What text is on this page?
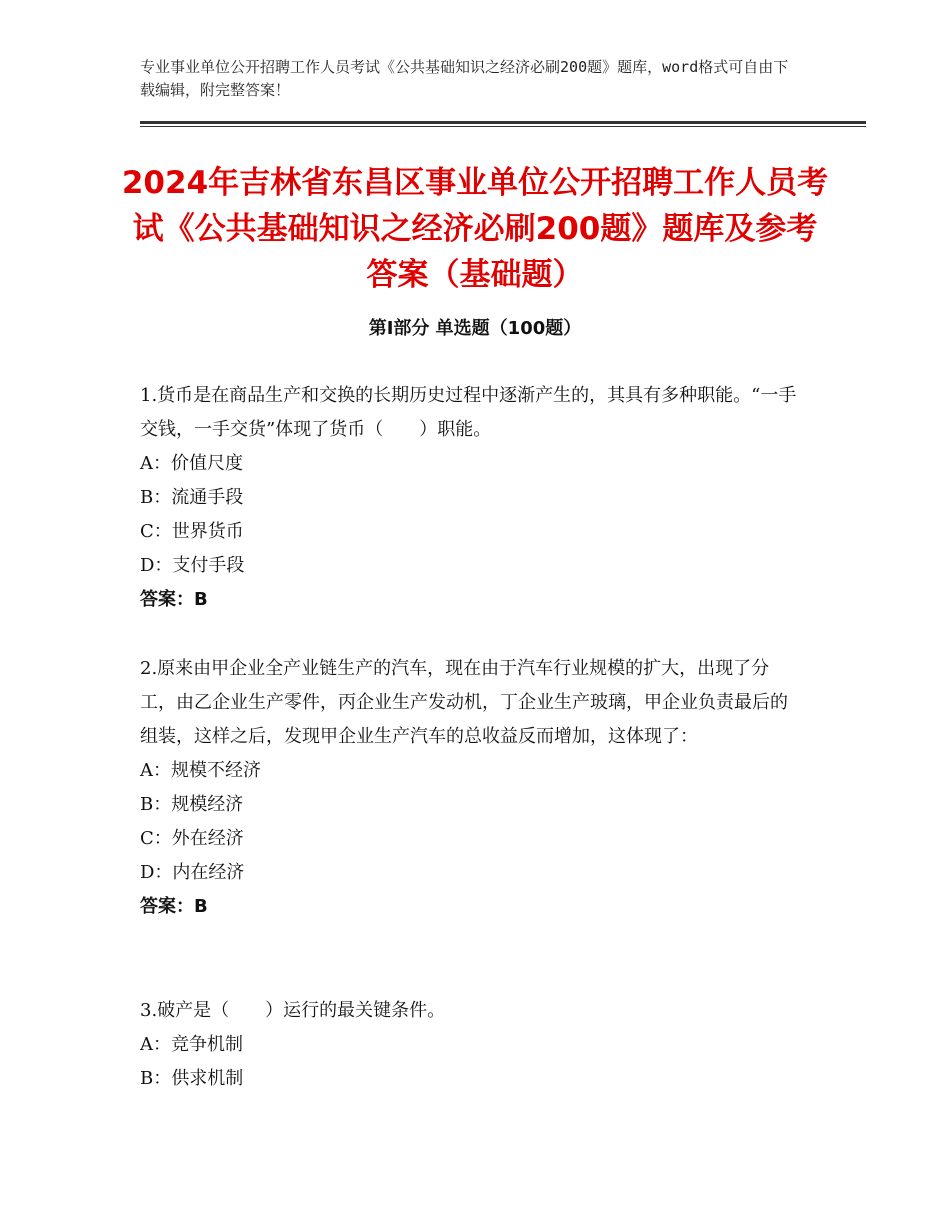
专业事业单位公开招聘工作人员考试《公共基础知识之经济必刷200题》题库，word格式可自由下载编辑，附完整答案！
2024年吉林省东昌区事业单位公开招聘工作人员考试《公共基础知识之经济必刷200题》题库及参考答案（基础题）
第Ⅰ部分 单选题（100题）

1.货币是在商品生产和交换的长期历史过程中逐渐产生的，其具有多种职能。“一手交钱，一手交货”体现了货币（　　）职能。

A：价值尺度

B：流通手段

C：世界货币

D：支付手段

答案：B

2.原来由甲企业全产业链生产的汽车，现在由于汽车行业规模的扩大，出现了分工，由乙企业生产零件，丙企业生产发动机，丁企业生产玻璃，甲企业负责最后的组装，这样之后，发现甲企业生产汽车的总收益反而增加，这体现了：

A：规模不经济

B：规模经济

C：外在经济

D：内在经济

答案：B

3.破产是（　　）运行的最关键条件。

A：竞争机制

B：供求机制
